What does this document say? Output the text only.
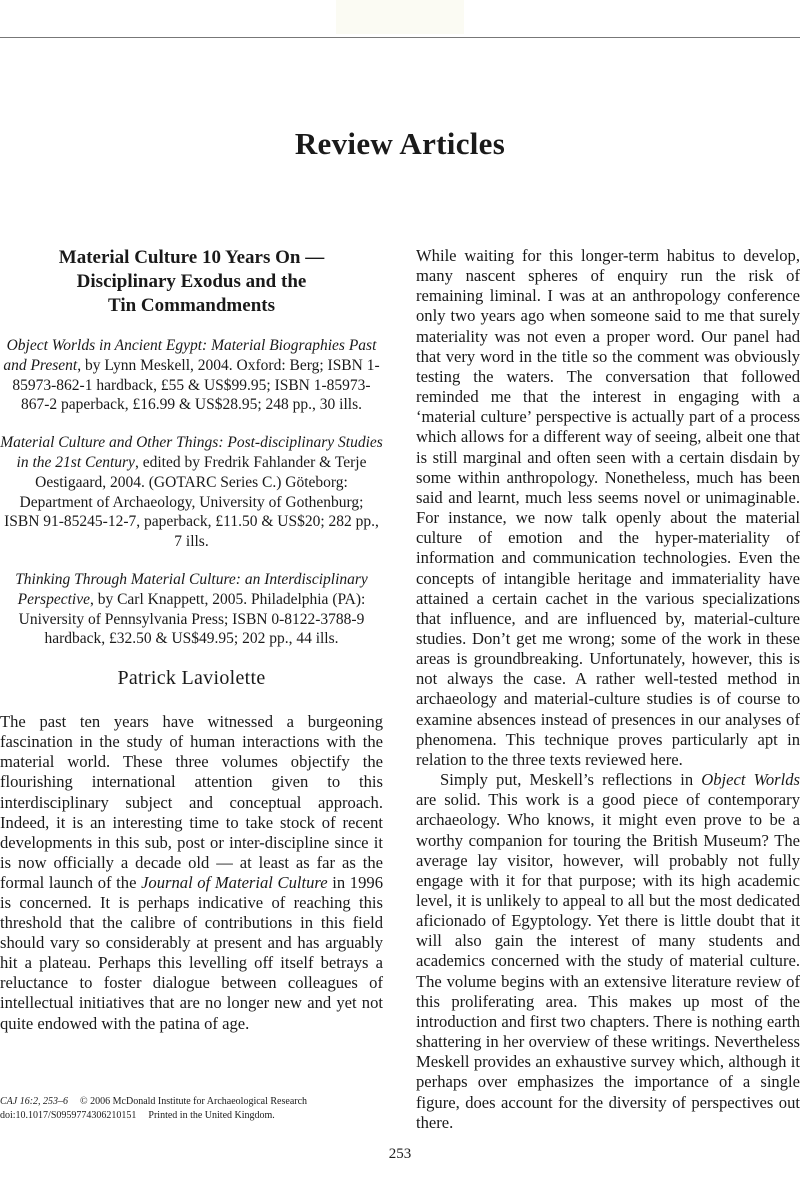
Review Articles
Material Culture 10 Years On —
Disciplinary Exodus and the
Tin Commandments

Object Worlds in Ancient Egypt: Material Biographies Past and Present, by Lynn Meskell, 2004. Oxford: Berg; ISBN 1-85973-862-1 hardback, £55 & US$99.95; ISBN 1-85973-867-2 paperback, £16.99 & US$28.95; 248 pp., 30 ills.

Material Culture and Other Things: Post-disciplinary Studies in the 21st Century, edited by Fredrik Fahlander & Terje Oestigaard, 2004. (GOTARC Series C.) Göteborg: Department of Archaeology, University of Gothenburg; ISBN 91-85245-12-7, paperback, £11.50 & US$20; 282 pp., 7 ills.

Thinking Through Material Culture: an Interdisciplinary Perspective, by Carl Knappett, 2005. Philadelphia (PA): University of Pennsylvania Press; ISBN 0-8122-3788-9 hardback, £32.50 & US$49.95; 202 pp., 44 ills.

Patrick Laviolette

The past ten years have witnessed a burgeoning fascination in the study of human interactions with the material world. These three volumes objectify the flourishing international attention given to this interdisciplinary subject and conceptual approach. Indeed, it is an interesting time to take stock of recent developments in this sub, post or inter-discipline since it is now officially a decade old — at least as far as the formal launch of the Journal of Material Culture in 1996 is concerned. It is perhaps indicative of reaching this threshold that the calibre of contributions in this field should vary so considerably at present and has arguably hit a plateau. Perhaps this levelling off itself betrays a reluctance to foster dialogue between colleagues of intellectual initiatives that are no longer new and yet not quite endowed with the patina of age.

While waiting for this longer-term habitus to develop, many nascent spheres of enquiry run the risk of remaining liminal. I was at an anthropology conference only two years ago when someone said to me that surely materiality was not even a proper word. Our panel had that very word in the title so the comment was obviously testing the waters. The conversation that followed reminded me that the interest in engaging with a ‘material culture’ perspective is actually part of a process which allows for a different way of seeing, albeit one that is still marginal and often seen with a certain disdain by some within anthropology. Nonetheless, much has been said and learnt, much less seems novel or unimaginable. For instance, we now talk openly about the material culture of emotion and the hyper-materiality of information and communication technologies. Even the concepts of intangible heritage and immateriality have attained a certain cachet in the various specializations that influence, and are influenced by, material-culture studies. Don’t get me wrong; some of the work in these areas is groundbreaking. Unfortunately, however, this is not always the case. A rather well-tested method in archaeology and material-culture studies is of course to examine absences instead of presences in our analyses of phenomena. This technique proves particularly apt in relation to the three texts reviewed here.

Simply put, Meskell’s reflections in Object Worlds are solid. This work is a good piece of contemporary archaeology. Who knows, it might even prove to be a worthy companion for touring the British Museum? The average lay visitor, however, will probably not fully engage with it for that purpose; with its high academic level, it is unlikely to appeal to all but the most dedicated aficionado of Egyptology. Yet there is little doubt that it will also gain the interest of many students and academics concerned with the study of material culture. The volume begins with an extensive literature review of this proliferating area. This makes up most of the introduction and first two chapters. There is nothing earth shattering in her overview of these writings. Nevertheless Meskell provides an exhaustive survey which, although it perhaps over emphasizes the importance of a single figure, does account for the diversity of perspectives out there.

CAJ 16:2, 253–6 © 2006 McDonald Institute for Archaeological Research
doi:10.1017/S0959774306210151 Printed in the United Kingdom.
253
